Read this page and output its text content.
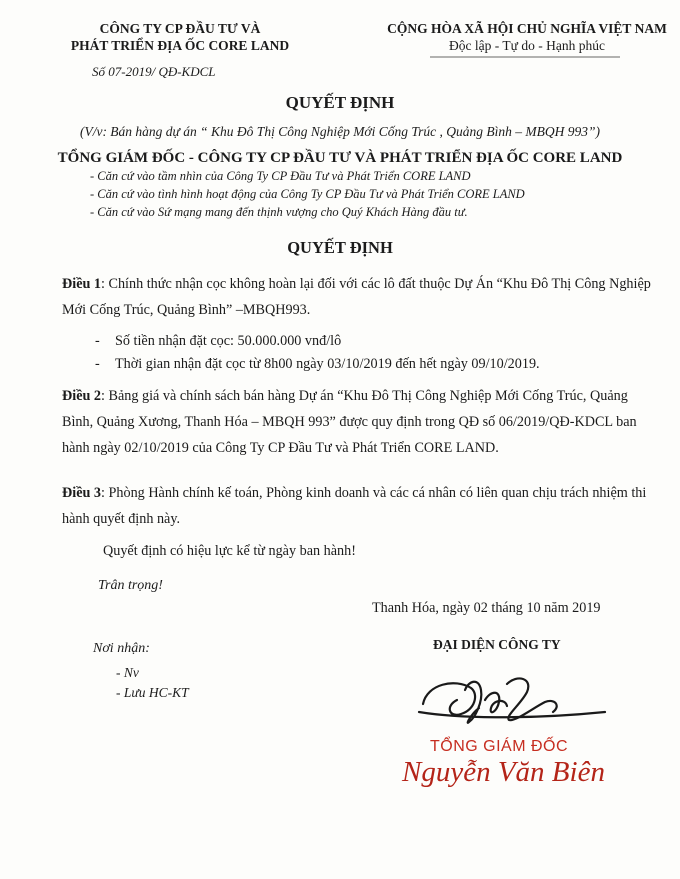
CÔNG TY CP ĐẦU TƯ VÀ
PHÁT TRIỂN ĐỊA ỐC CORE LAND
CỘNG HÒA XÃ HỘI CHỦ NGHĨA VIỆT NAM
Độc lập - Tự do - Hạnh phúc
Số 07-2019/ QĐ-KDCL
QUYẾT ĐỊNH
(V/v: Bán hàng dự án “ Khu Đô Thị Công Nghiệp Mới Cống Trúc , Quảng Bình – MBQH 993”)
TỔNG GIÁM ĐỐC - CÔNG TY CP ĐẦU TƯ VÀ PHÁT TRIỂN ĐỊA ỐC CORE LAND
- Căn cứ vào tầm nhìn của Công Ty CP Đầu Tư và Phát Triển CORE LAND
- Căn cứ vào tình hình hoạt động của Công Ty CP Đầu Tư và Phát Triển CORE LAND
- Căn cứ vào Sứ mạng mang đến thịnh vượng cho Quý Khách Hàng đầu tư.
QUYẾT ĐỊNH
Điều 1: Chính thức nhận cọc không hoàn lại đối với các lô đất thuộc Dự Án “Khu Đô Thị Công Nghiệp Mới Cống Trúc, Quảng Bình” –MBQH993.
- Số tiền nhận đặt cọc: 50.000.000 vnđ/lô
- Thời gian nhận đặt cọc từ 8h00 ngày 03/10/2019 đến hết ngày 09/10/2019.
Điều 2: Bảng giá và chính sách bán hàng Dự án “Khu Đô Thị Công Nghiệp Mới Cống Trúc, Quảng Bình, Quảng Xương, Thanh Hóa – MBQH 993” được quy định trong QĐ số 06/2019/QĐ-KDCL ban hành ngày 02/10/2019 của Công Ty CP Đầu Tư và Phát Triển CORE LAND.
Điều 3: Phòng Hành chính kế toán, Phòng kinh doanh và các cá nhân có liên quan chịu trách nhiệm thi hành quyết định này.
Quyết định có hiệu lực kể từ ngày ban hành!
Trân trọng!
Thanh Hóa, ngày 02 tháng 10 năm 2019
ĐẠI DIỆN CÔNG TY
Nơi nhận:
- Nv
- Lưu HC-KT
TỔNG GIÁM ĐỐC
Nguyễn Văn Biên
